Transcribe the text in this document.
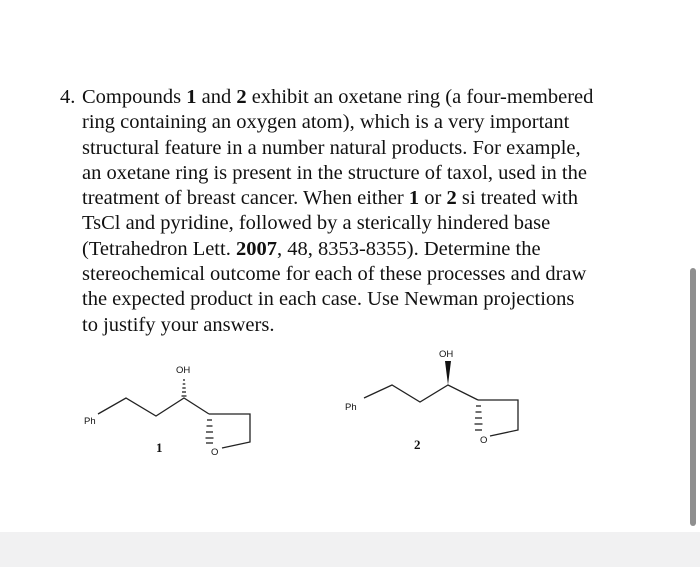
4. Compounds 1 and 2 exhibit an oxetane ring (a four-membered
ring containing an oxygen atom), which is a very important
structural feature in a number natural products. For example,
an oxetane ring is present in the structure of taxol, used in the
treatment of breast cancer. When either 1 or 2 si treated with
TsCl and pyridine, followed by a sterically hindered base
(Tetrahedron Lett. 2007, 48, 8353-8355). Determine the
stereochemical outcome for each of these processes and draw
the expected product in each case. Use Newman projections
to justify your answers.
Ph
OH
O
1
Ph
OH
O
2
